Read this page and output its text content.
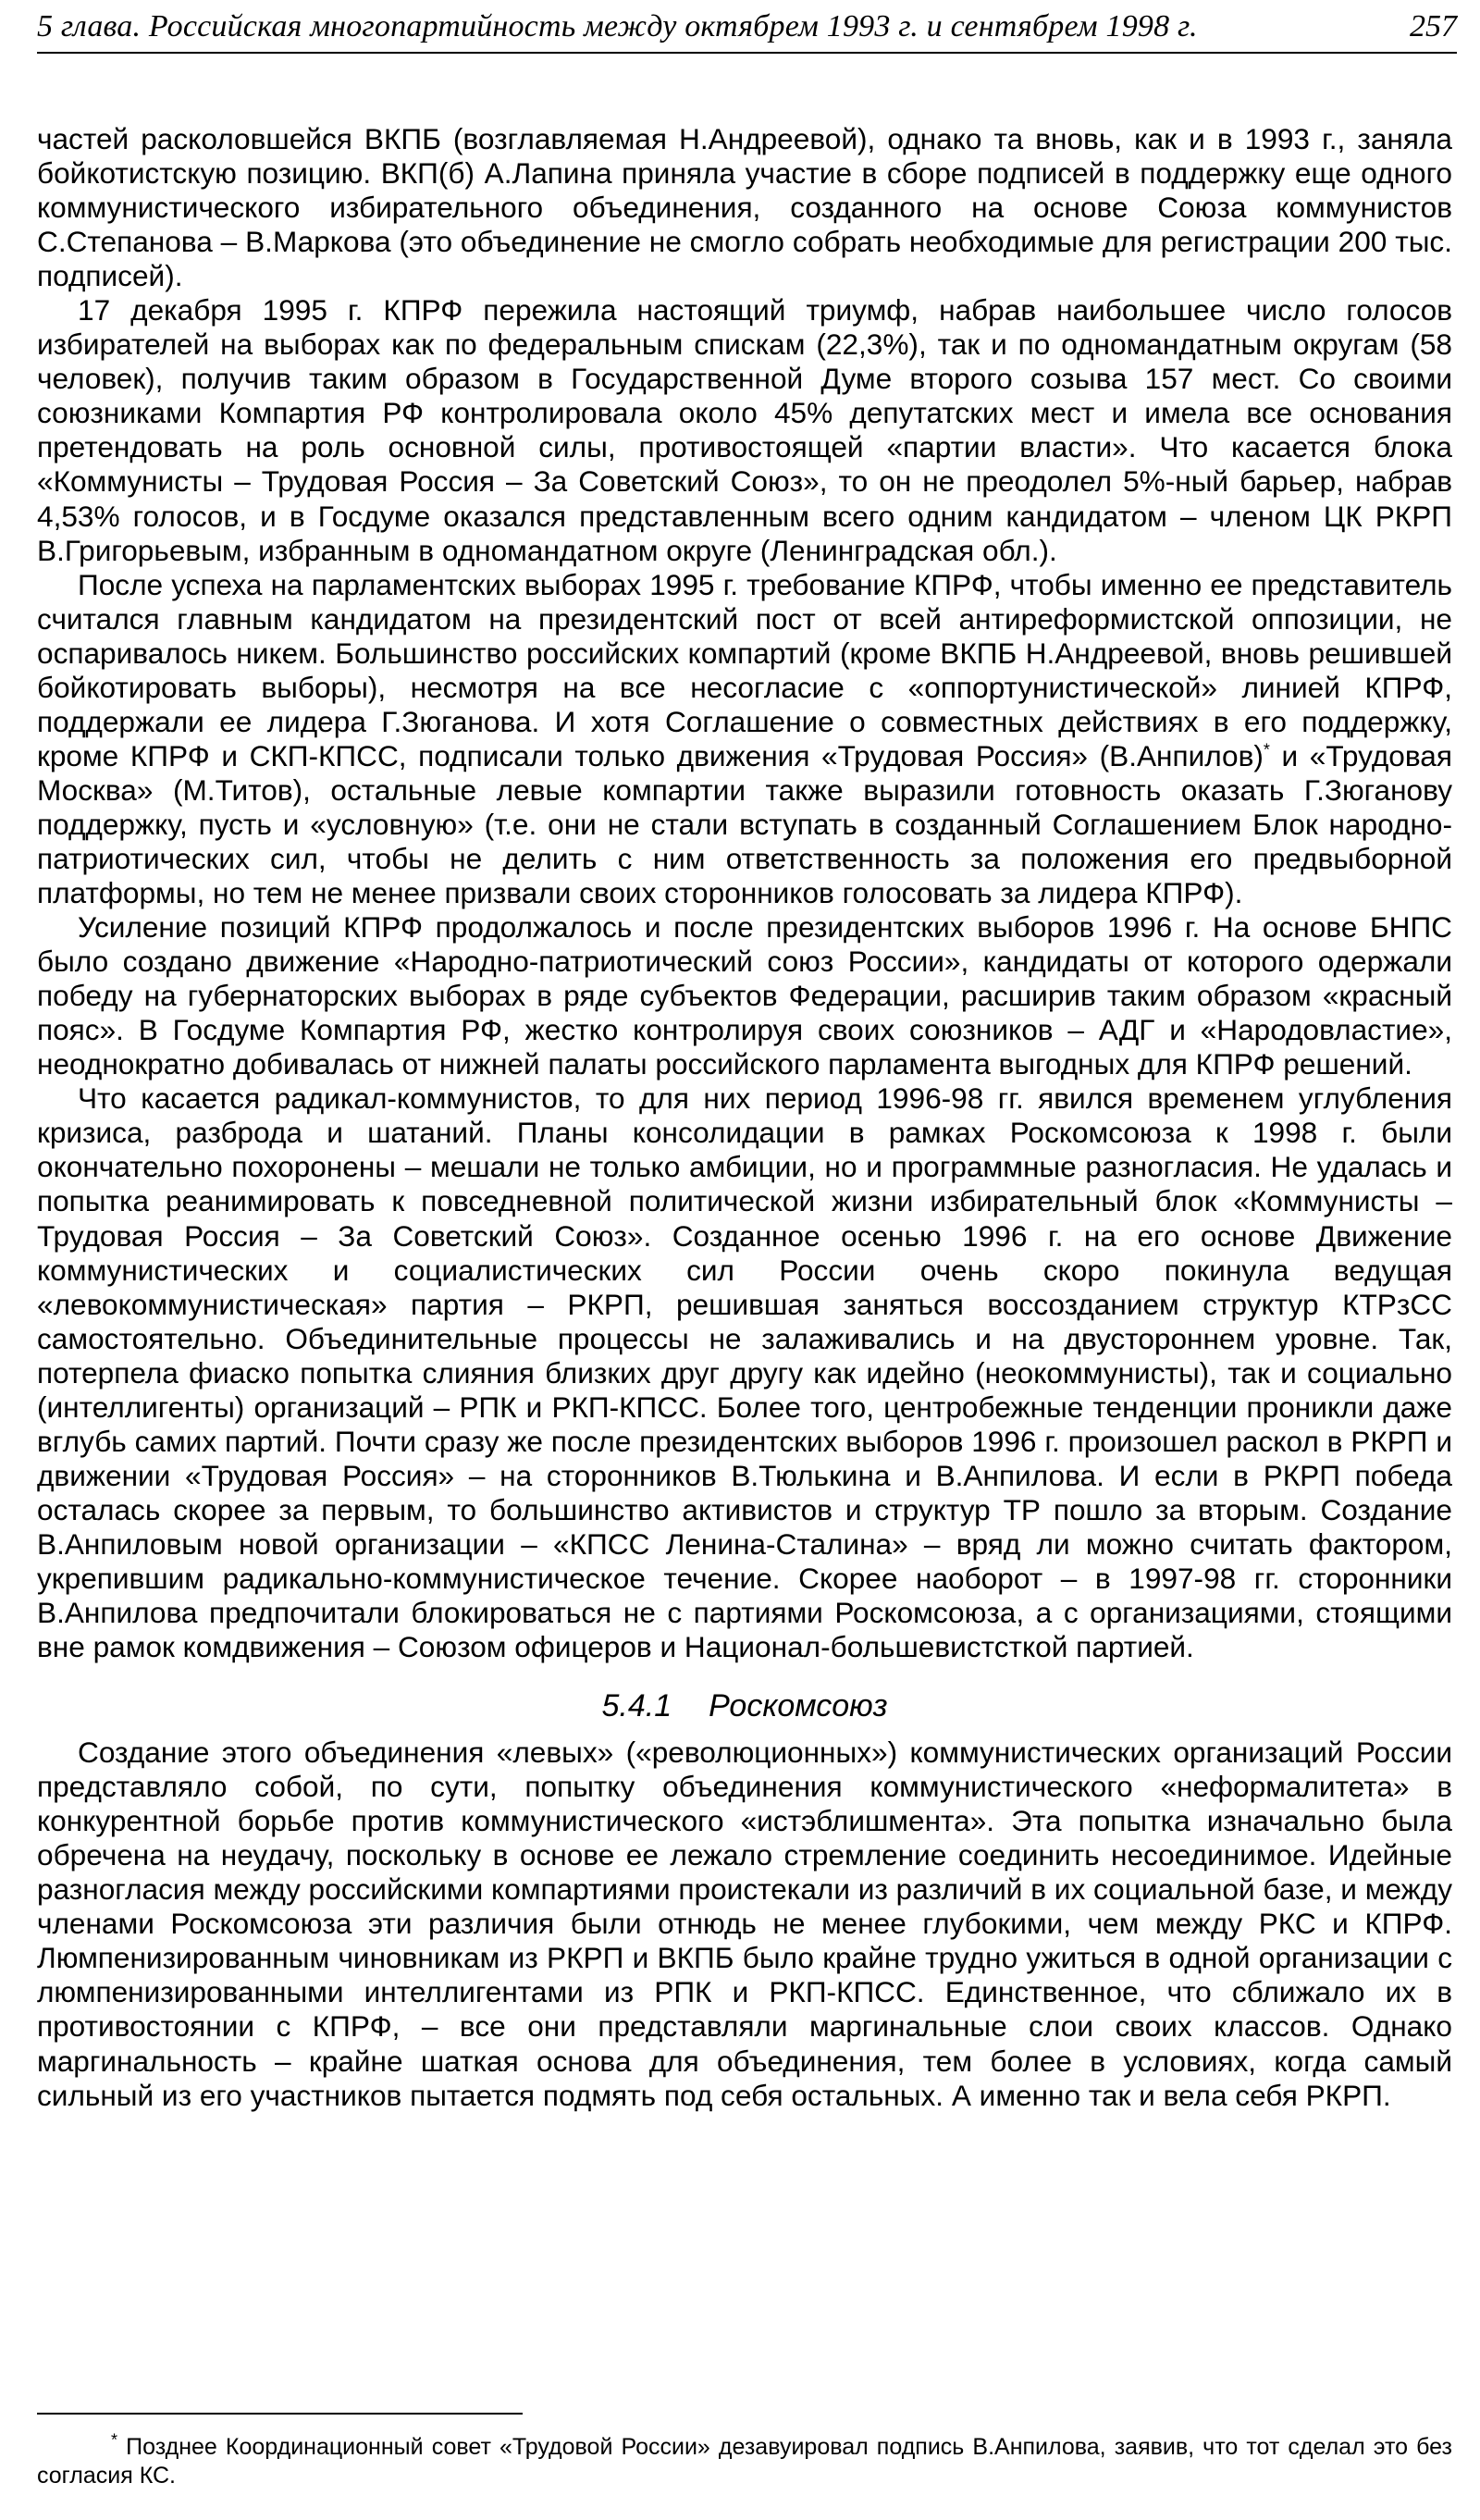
5 глава. Российская многопартийность между октябрем 1993 г. и сентябрем 1998 г.	257

частей расколовшейся ВКПБ (возглавляемая Н.Андреевой), однако та вновь, как и в 1993 г., заняла бойкотистскую позицию. ВКП(б) А.Лапина приняла участие в сборе подписей в поддержку еще одного коммунистического избирательного объединения, созданного на основе Союза коммунистов С.Степанова – В.Маркова (это объединение не смогло собрать необходимые для регистрации 200 тыс. подписей).

17 декабря 1995 г. КПРФ пережила настоящий триумф, набрав наибольшее число голосов избирателей на выборах как по федеральным спискам (22,3%), так и по одномандатным округам (58 человек), получив таким образом в Государственной Думе второго созыва 157 мест. Со своими союзниками Компартия РФ контролировала около 45% депутатских мест и имела все основания претендовать на роль основной силы, противостоящей «партии власти». Что касается блока «Коммунисты – Трудовая Россия – За Советский Союз», то он не преодолел 5%-ный барьер, набрав 4,53% голосов, и в Госдуме оказался представленным всего одним кандидатом – членом ЦК РКРП В.Григорьевым, избранным в одномандатном округе (Ленинградская обл.).

После успеха на парламентских выборах 1995 г. требование КПРФ, чтобы именно ее представитель считался главным кандидатом на президентский пост от всей антиреформистской оппозиции, не оспаривалось никем. Большинство российских компартий (кроме ВКПБ Н.Андреевой, вновь решившей бойкотировать выборы), несмотря на все несогласие с «оппортунистической» линией КПРФ, поддержали ее лидера Г.Зюганова. И хотя Соглашение о совместных действиях в его поддержку, кроме КПРФ и СКП-КПСС, подписали только движения «Трудовая Россия» (В.Анпилов)* и «Трудовая Москва» (М.Титов), остальные левые компартии также выразили готовность оказать Г.Зюганову поддержку, пусть и «условную» (т.е. они не стали вступать в созданный Соглашением Блок народно-патриотических сил, чтобы не делить с ним ответственность за положения его предвыборной платформы, но тем не менее призвали своих сторонников голосовать за лидера КПРФ).

Усиление позиций КПРФ продолжалось и после президентских выборов 1996 г. На основе БНПС было создано движение «Народно-патриотический союз России», кандидаты от которого одержали победу на губернаторских выборах в ряде субъектов Федерации, расширив таким образом «красный пояс». В Госдуме Компартия РФ, жестко контролируя своих союзников – АДГ и «Народовластие», неоднократно добивалась от нижней палаты российского парламента выгодных для КПРФ решений.

Что касается радикал-коммунистов, то для них период 1996-98 гг. явился временем углубления кризиса, разброда и шатаний. Планы консолидации в рамках Роскомсоюза к 1998 г. были окончательно похоронены – мешали не только амбиции, но и программные разногласия. Не удалась и попытка реанимировать к повседневной политической жизни избирательный блок «Коммунисты – Трудовая Россия – За Советский Союз». Созданное осенью 1996 г. на его основе Движение коммунистических и социалистических сил России очень скоро покинула ведущая «левокоммунистическая» партия – РКРП, решившая заняться воссозданием структур КТРзСС самостоятельно. Объединительные процессы не залаживались и на двустороннем уровне. Так, потерпела фиаско попытка слияния близких друг другу как идейно (неокоммунисты), так и социально (интеллигенты) организаций – РПК и РКП-КПСС. Более того, центробежные тенденции проникли даже вглубь самих партий. Почти сразу же после президентских выборов 1996 г. произошел раскол в РКРП и движении «Трудовая Россия» – на сторонников В.Тюлькина и В.Анпилова. И если в РКРП победа осталась скорее за первым, то большинство активистов и структур ТР пошло за вторым. Создание В.Анпиловым новой организации – «КПСС Ленина-Сталина» – вряд ли можно считать фактором, укрепившим радикально-коммунистическое течение. Скорее наоборот – в 1997-98 гг. сторонники В.Анпилова предпочитали блокироваться не с партиями Роскомсоюза, а с организациями, стоящими вне рамок комдвижения – Союзом офицеров и Национал-большевистсткой партией.

5.4.1 Роскомсоюз

Создание этого объединения «левых» («революционных») коммунистических организаций России представляло собой, по сути, попытку объединения коммунистического «неформалитета» в конкурентной борьбе против коммунистического «истэблишмента». Эта попытка изначально была обречена на неудачу, поскольку в основе ее лежало стремление соединить несоединимое. Идейные разногласия между российскими компартиями проистекали из различий в их социальной базе, и между членами Роскомсоюза эти различия были отнюдь не менее глубокими, чем между РКС и КПРФ. Люмпенизированным чиновникам из РКРП и ВКПБ было крайне трудно ужиться в одной организации с люмпенизированными интеллигентами из РПК и РКП-КПСС. Единственное, что сближало их в противостоянии с КПРФ, – все они представляли маргинальные слои своих классов. Однако маргинальность – крайне шаткая основа для объединения, тем более в условиях, когда самый сильный из его участников пытается подмять под себя остальных. А именно так и вела себя РКРП.

* Позднее Координационный совет «Трудовой России» дезавуировал подпись В.Анпилова, заявив, что тот сделал это без согласия КС.
